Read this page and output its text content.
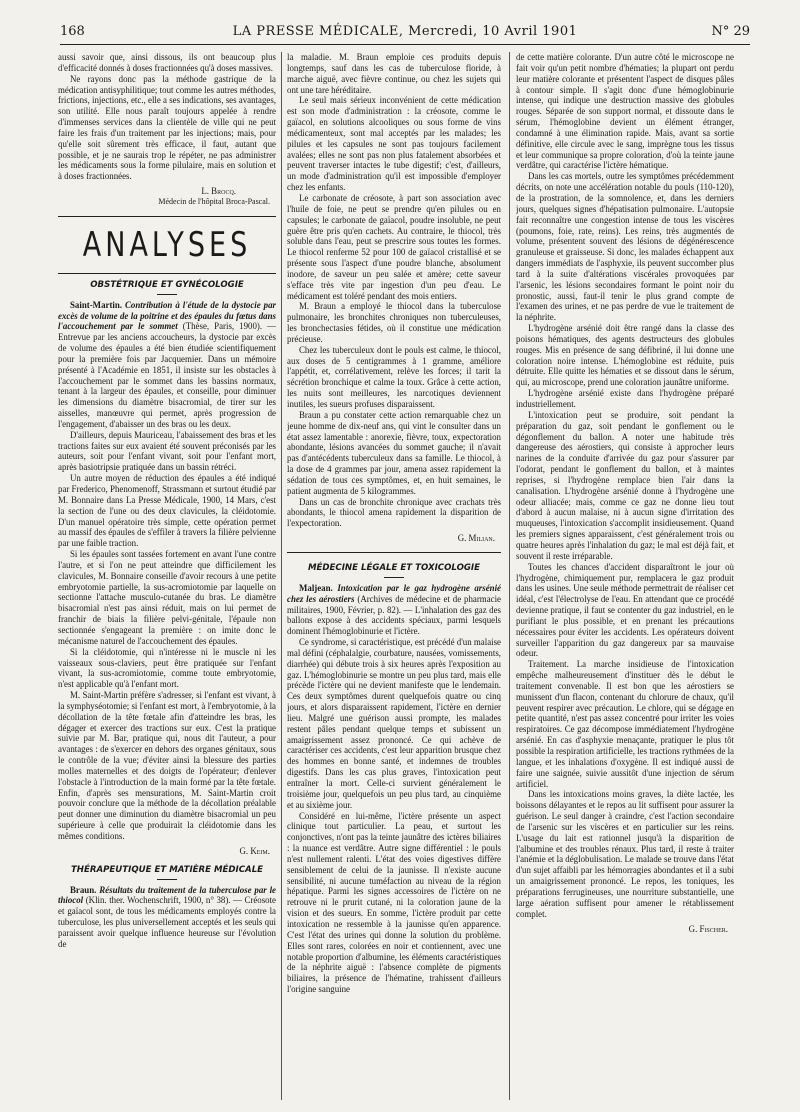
168	LA PRESSE MÉDICALE, Mercredi, 10 Avril 1901	N° 29

aussi savoir que, ainsi dissous, ils ont beaucoup plus d'efficacité donnés à doses fractionnées qu'à doses massives.

Ne rayons donc pas la méthode gastrique de la médication antisyphilitique; tout comme les autres méthodes, frictions, injections, etc., elle a ses indications, ses avantages, son utilité. Elle nous paraît toujours appelée à rendre d'immenses services dans la clientèle de ville qui ne peut faire les frais d'un traitement par les injections; mais, pour qu'elle soit sûrement très efficace, il faut, autant que possible, et je ne saurais trop le répéter, ne pas administrer les médicaments sous la forme pilulaire, mais en solution et à doses fractionnées.

L. Brocq.

Médecin de l'hôpital Broca-Pascal.

ANALYSES
OBSTÉTRIQUE ET GYNÉCOLOGIE

Saint-Martin. Contribution à l'étude de la dystocie par excès de volume de la poitrine et des épaules du fœtus dans l'accouchement par le sommet (Thèse, Paris, 1900). — Entrevue par les anciens accoucheurs, la dystocie par excès de volume des épaules a été bien étudiée scientifiquement pour la première fois par Jacquemier. Dans un mémoire présenté à l'Académie en 1851, il insiste sur les obstacles à l'accouchement par le sommet dans les bassins normaux, tenant à la largeur des épaules, et conseille, pour diminuer les dimensions du diamètre bisacromial, de tirer sur les aisselles, manœuvre qui permet, après progression de l'engagement, d'abaisser un des bras ou les deux.

D'ailleurs, depuis Mauriceau, l'abaissement des bras et les tractions faites sur eux avaient été souvent préconisés par les auteurs, soit pour l'enfant vivant, soit pour l'enfant mort, après basiotripsie pratiquée dans un bassin rétréci.

Un autre moyen de réduction des épaules a été indiqué par Frederico, Phenomenoff, Strassmann et surtout étudié par M. Bonnaire dans La Presse Médicale, 1900, 14 Mars, c'est la section de l'une ou des deux clavicules, la cléidotomie. D'un manuel opératoire très simple, cette opération permet au massif des épaules de s'effiler à travers la filière pelvienne par une faible traction.

Si les épaules sont tassées fortement en avant l'une contre l'autre, et si l'on ne peut atteindre que difficilement les clavicules, M. Bonnaire conseille d'avoir recours à une petite embryotomie partielle, la sus-acromiotomie par laquelle on sectionne l'attache musculo-cutanée du bras. Le diamètre bisacromial n'est pas ainsi réduit, mais on lui permet de franchir de biais la filière pelvi-génitale, l'épaule non sectionnée s'engageant la première : on imite donc le mécanisme naturel de l'accouchement des épaules.

Si la cléidotomie, qui n'intéresse ni le muscle ni les vaisseaux sous-claviers, peut être pratiquée sur l'enfant vivant, la sus-acromiotomie, comme toute embryotomie, n'est applicable qu'à l'enfant mort.

M. Saint-Martin préfère s'adresser, si l'enfant est vivant, à la symphyséotomie; si l'enfant est mort, à l'embryotomie, à la décollation de la tête fœtale afin d'atteindre les bras, les dégager et exercer des tractions sur eux. C'est la pratique suivie par M. Bar, pratique qui, nous dit l'auteur, a pour avantages : de s'exercer en dehors des organes génitaux, sous le contrôle de la vue; d'éviter ainsi la blessure des parties molles maternelles et des doigts de l'opérateur; d'enlever l'obstacle à l'introduction de la main formé par la tête fœtale. Enfin, d'après ses mensurations, M. Saint-Martin croit pouvoir conclure que la méthode de la décollation préalable peut donner une diminution du diamètre bisacromial un peu supérieure à celle que produirait la cléidotomie dans les mêmes conditions.

G. Keim.

THÉRAPEUTIQUE ET MATIÈRE MÉDICALE

Braun. Résultats du traitement de la tuberculose par le thiocol (Klin. ther. Wochenschrift, 1900, n° 38). — Créosote et gaïacol sont, de tous les médicaments employés contre la tuberculose, les plus universellement acceptés et les seuls qui paraissent avoir quelque influence heureuse sur l'évolution de

la maladie. M. Braun emploie ces produits depuis longtemps, sauf dans les cas de tuberculose floride, à marche aiguë, avec fièvre continue, ou chez les sujets qui ont une tare héréditaire.

Le seul mais sérieux inconvénient de cette médication est son mode d'administration : la créosote, comme le gaïacol, en solutions alcooliques ou sous forme de vins médicamenteux, sont mal acceptés par les malades; les pilules et les capsules ne sont pas toujours facilement avalées; elles ne sont pas non plus fatalement absorbées et peuvent traverser intactes le tube digestif; c'est, d'ailleurs, un mode d'administration qu'il est impossible d'employer chez les enfants.

Le carbonate de créosote, à part son association avec l'huile de foie, ne peut se prendre qu'en pilules ou en capsules; le carbonate de gaïacol, poudre insoluble, ne peut guère être pris qu'en cachets. Au contraire, le thiocol, très soluble dans l'eau, peut se prescrire sous toutes les formes. Le thiocol renferme 52 pour 100 de gaïacol cristallisé et se présente sous l'aspect d'une poudre blanche, absolument inodore, de saveur un peu salée et amère; cette saveur s'efface très vite par ingestion d'un peu d'eau. Le médicament est toléré pendant des mois entiers.

M. Braun a employé le thiocol dans la tuberculose pulmonaire, les bronchites chroniques non tuberculeuses, les bronchectasies fétides, où il constitue une médication précieuse.

Chez les tuberculeux dont le pouls est calme, le thiocol, aux doses de 5 centigrammes à 1 gramme, améliore l'appétit, et, corrélativement, relève les forces; il tarit la sécrétion bronchique et calme la toux. Grâce à cette action, les nuits sont meilleures, les narcotiques deviennent inutiles, les sueurs profuses disparaissent.

Braun a pu constater cette action remarquable chez un jeune homme de dix-neuf ans, qui vint le consulter dans un état assez lamentable : anorexie, fièvre, toux, expectoration abondante, lésions avancées du sommet gauche; il n'avait pas d'antécédents tuberculeux dans sa famille. Le thiocol, à la dose de 4 grammes par jour, amena assez rapidement la sédation de tous ces symptômes, et, en huit semaines, le patient augmenta de 5 kilogrammes.

Dans un cas de bronchite chronique avec crachats très abondants, le thiocol amena rapidement la disparition de l'expectoration.

G. Milian.

MÉDECINE LÉGALE ET TOXICOLOGIE

Maljean. Intoxication par le gaz hydrogène arsénié chez les aérostiers (Archives de médecine et de pharmacie militaires, 1900, Février, p. 82). — L'inhalation des gaz des ballons expose à des accidents spéciaux, parmi lesquels dominent l'hémoglobinurie et l'ictère.

Ce syndrome, si caractéristique, est précédé d'un malaise mal défini (céphalalgie, courbature, nausées, vomissements, diarrhée) qui débute trois à six heures après l'exposition au gaz. L'hémoglobinurie se montre un peu plus tard, mais elle précède l'ictère qui ne devient manifeste que le lendemain. Ces deux symptômes durent quelquefois quatre ou cinq jours, et alors disparaissent rapidement, l'ictère en dernier lieu. Malgré une guérison aussi prompte, les malades restent pâles pendant quelque temps et subissent un amaigrissement assez prononcé. Ce qui achève de caractériser ces accidents, c'est leur apparition brusque chez des hommes en bonne santé, et indemnes de troubles digestifs. Dans les cas plus graves, l'intoxication peut entraîner la mort. Celle-ci survient généralement le troisième jour, quelquefois un peu plus tard, au cinquième et au sixième jour.

Considéré en lui-même, l'ictère présente un aspect clinique tout particulier. La peau, et surtout les conjonctives, n'ont pas la teinte jaunâtre des ictères biliaires : la nuance est verdâtre. Autre signe différentiel : le pouls n'est nullement ralenti. L'état des voies digestives diffère sensiblement de celui de la jaunisse. Il n'existe aucune sensibilité, ni aucune tuméfaction au niveau de la région hépatique. Parmi les signes accessoires de l'ictère on ne retrouve ni le prurit cutané, ni la coloration jaune de la vision et des sueurs. En somme, l'ictère produit par cette intoxication ne ressemble à la jaunisse qu'en apparence. C'est l'état des urines qui donne la solution du problème. Elles sont rares, colorées en noir et contiennent, avec une notable proportion d'albumine, les éléments caractéristiques de la néphrite aiguë : l'absence complète de pigments biliaires, la présence de l'hématine, trahissent d'ailleurs l'origine sanguine

de cette matière colorante. D'un autre côté le microscope ne fait voir qu'un petit nombre d'hématies; la plupart ont perdu leur matière colorante et présentent l'aspect de disques pâles à contour simple. Il s'agit donc d'une hémoglobinurie intense, qui indique une destruction massive des globules rouges. Séparée de son support normal, et dissoute dans le sérum, l'hémoglobine devient un élément étranger, condamné à une élimination rapide. Mais, avant sa sortie définitive, elle circule avec le sang, imprègne tous les tissus et leur communique sa propre coloration, d'où la teinte jaune verdâtre, qui caractérise l'ictère hématique.

Dans les cas mortels, outre les symptômes précédemment décrits, on note une accélération notable du pouls (110-120), de la prostration, de la somnolence, et, dans les derniers jours, quelques signes d'hépatisation pulmonaire. L'autopsie fait reconnaître une congestion intense de tous les viscères (poumons, foie, rate, reins). Les reins, très augmentés de volume, présentent souvent des lésions de dégénérescence granuleuse et graisseuse. Si donc, les malades échappent aux dangers immédiats de l'asphyxie, ils peuvent succomber plus tard à la suite d'altérations viscérales provoquées par l'arsenic, les lésions secondaires formant le point noir du pronostic, aussi, faut-il tenir le plus grand compte de l'examen des urines, et ne pas perdre de vue le traitement de la néphrite.

L'hydrogène arsénié doit être rangé dans la classe des poisons hématiques, des agents destructeurs des globules rouges. Mis en présence de sang défibriné, il lui donne une coloration noire intense. L'hémoglobine est réduite, puis détruite. Elle quitte les hématies et se dissout dans le sérum, qui, au microscope, prend une coloration jaunâtre uniforme.

L'hydrogène arsénié existe dans l'hydrogène préparé industriellement.

L'intoxication peut se produire, soit pendant la préparation du gaz, soit pendant le gonflement ou le dégonflement du ballon. A noter une habitude très dangereuse des aérostiers, qui consiste à approcher leurs narines de la conduite d'arrivée du gaz pour s'assurer par l'odorat, pendant le gonflement du ballon, et à maintes reprises, si l'hydrogène remplace bien l'air dans la canalisation. L'hydrogène arsénié donne à l'hydrogène une odeur alliacée; mais, comme ce gaz ne donne lieu tout d'abord à aucun malaise, ni à aucun signe d'irritation des muqueuses, l'intoxication s'accomplit insidieusement. Quand les premiers signes apparaissent, c'est généralement trois ou quatre heures après l'inhalation du gaz; le mal est déjà fait, et souvent il reste irréparable.

Toutes les chances d'accident disparaîtront le jour où l'hydrogène, chimiquement pur, remplacera le gaz produit dans les usines. Une seule méthode permettrait de réaliser cet idéal, c'est l'électrolyse de l'eau. En attendant que ce procédé devienne pratique, il faut se contenter du gaz industriel, en le purifiant le plus possible, et en prenant les précautions nécessaires pour éviter les accidents. Les opérateurs doivent surveiller l'apparition du gaz dangereux par sa mauvaise odeur.

Traitement. La marche insidieuse de l'intoxication empêche malheureusement d'instituer dès le début le traitement convenable. Il est bon que les aérostiers se munissent d'un flacon, contenant du chlorure de chaux, qu'il peuvent respirer avec précaution. Le chlore, qui se dégage en petite quantité, n'est pas assez concentré pour irriter les voies respiratoires. Ce gaz décompose immédiatement l'hydrogène arsénié. En cas d'asphyxie menaçante, pratiquer le plus tôt possible la respiration artificielle, les tractions rythmées de la langue, et les inhalations d'oxygène. Il est indiqué aussi de faire une saignée, suivie aussitôt d'une injection de sérum artificiel.

Dans les intoxications moins graves, la diète lactée, les boissons délayantes et le repos au lit suffisent pour assurer la guérison. Le seul danger à craindre, c'est l'action secondaire de l'arsenic sur les viscères et en particulier sur les reins. L'usage du lait est rationnel jusqu'à la disparition de l'albumine et des troubles rénaux. Plus tard, il reste à traiter l'anémie et la déglobulisation. Le malade se trouve dans l'état d'un sujet affaibli par les hémorragies abondantes et il a subi un amaigrissement prononcé. Le repos, les toniques, les préparations ferrugineuses, une nourriture substantielle, une large aération suffisent pour amener le rétablissement complet.

G. Fischer.
